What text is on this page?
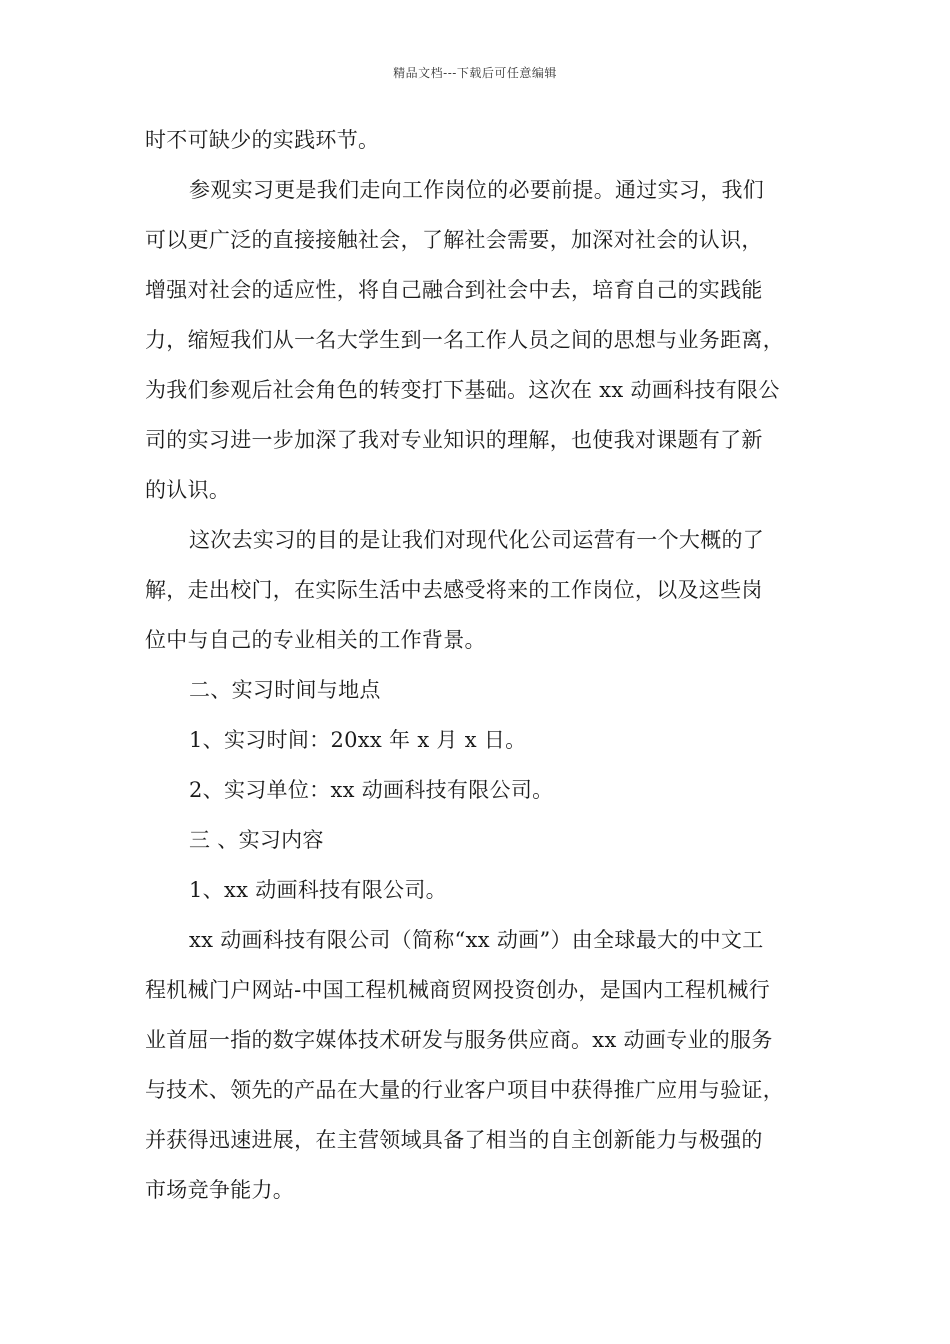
精品文档---下载后可任意编辑
时不可缺少的实践环节。
参观实习更是我们走向工作岗位的必要前提。通过实习，我们
可以更广泛的直接接触社会，了解社会需要，加深对社会的认识，
增强对社会的适应性，将自己融合到社会中去，培育自己的实践能
力，缩短我们从一名大学生到一名工作人员之间的思想与业务距离，
为我们参观后社会角色的转变打下基础。这次在 xx 动画科技有限公
司的实习进一步加深了我对专业知识的理解，也使我对课题有了新
的认识。
这次去实习的目的是让我们对现代化公司运营有一个大概的了
解，走出校门，在实际生活中去感受将来的工作岗位，以及这些岗
位中与自己的专业相关的工作背景。
二、实习时间与地点
1、实习时间：20xx 年 x 月 x 日。
2、实习单位：xx 动画科技有限公司。
三 、实习内容
1、xx 动画科技有限公司。
xx 动画科技有限公司（简称“xx 动画”）由全球最大的中文工
程机械门户网站-中国工程机械商贸网投资创办，是国内工程机械行
业首屈一指的数字媒体技术研发与服务供应商。xx 动画专业的服务
与技术、领先的产品在大量的行业客户项目中获得推广应用与验证，
并获得迅速进展，在主营领域具备了相当的自主创新能力与极强的
市场竞争能力。
